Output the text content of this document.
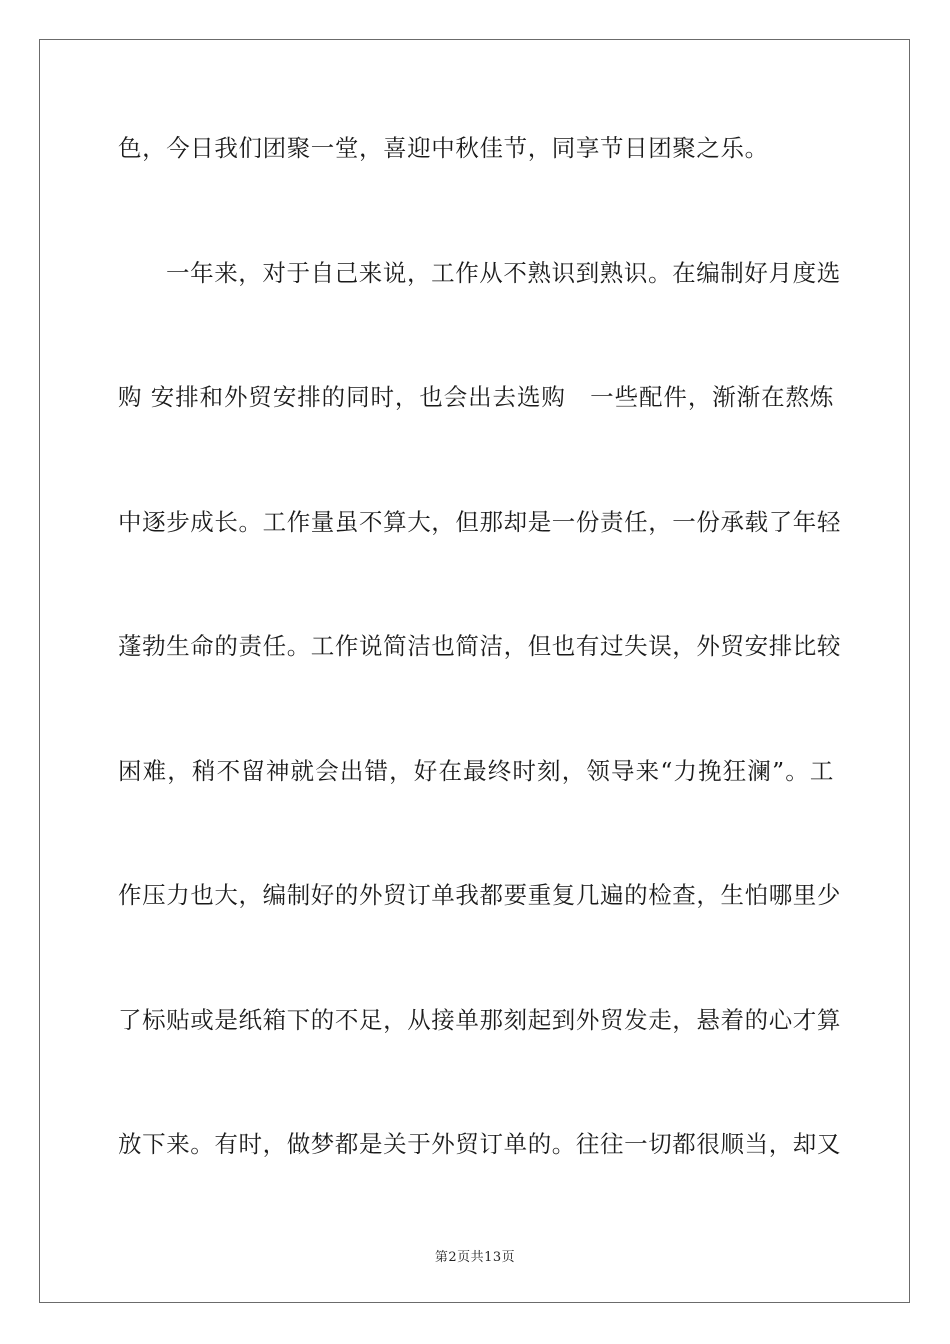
色，今日我们团聚一堂，喜迎中秋佳节，同享节日团聚之乐。
一年来，对于自己来说，工作从不熟识到熟识。在编制好月度选
购 安排和外贸安排的同时，也会出去选购　一些配件，渐渐在熬炼
中逐步成长。工作量虽不算大，但那却是一份责任，一份承载了年轻
蓬勃生命的责任。工作说简洁也简洁，但也有过失误，外贸安排比较
困难，稍不留神就会出错，好在最终时刻，领导来“力挽狂澜”。工
作压力也大，编制好的外贸订单我都要重复几遍的检查，生怕哪里少
了标贴或是纸箱下的不足，从接单那刻起到外贸发走，悬着的心才算
放下来。有时，做梦都是关于外贸订单的。往往一切都很顺当，却又
第2页共13页
